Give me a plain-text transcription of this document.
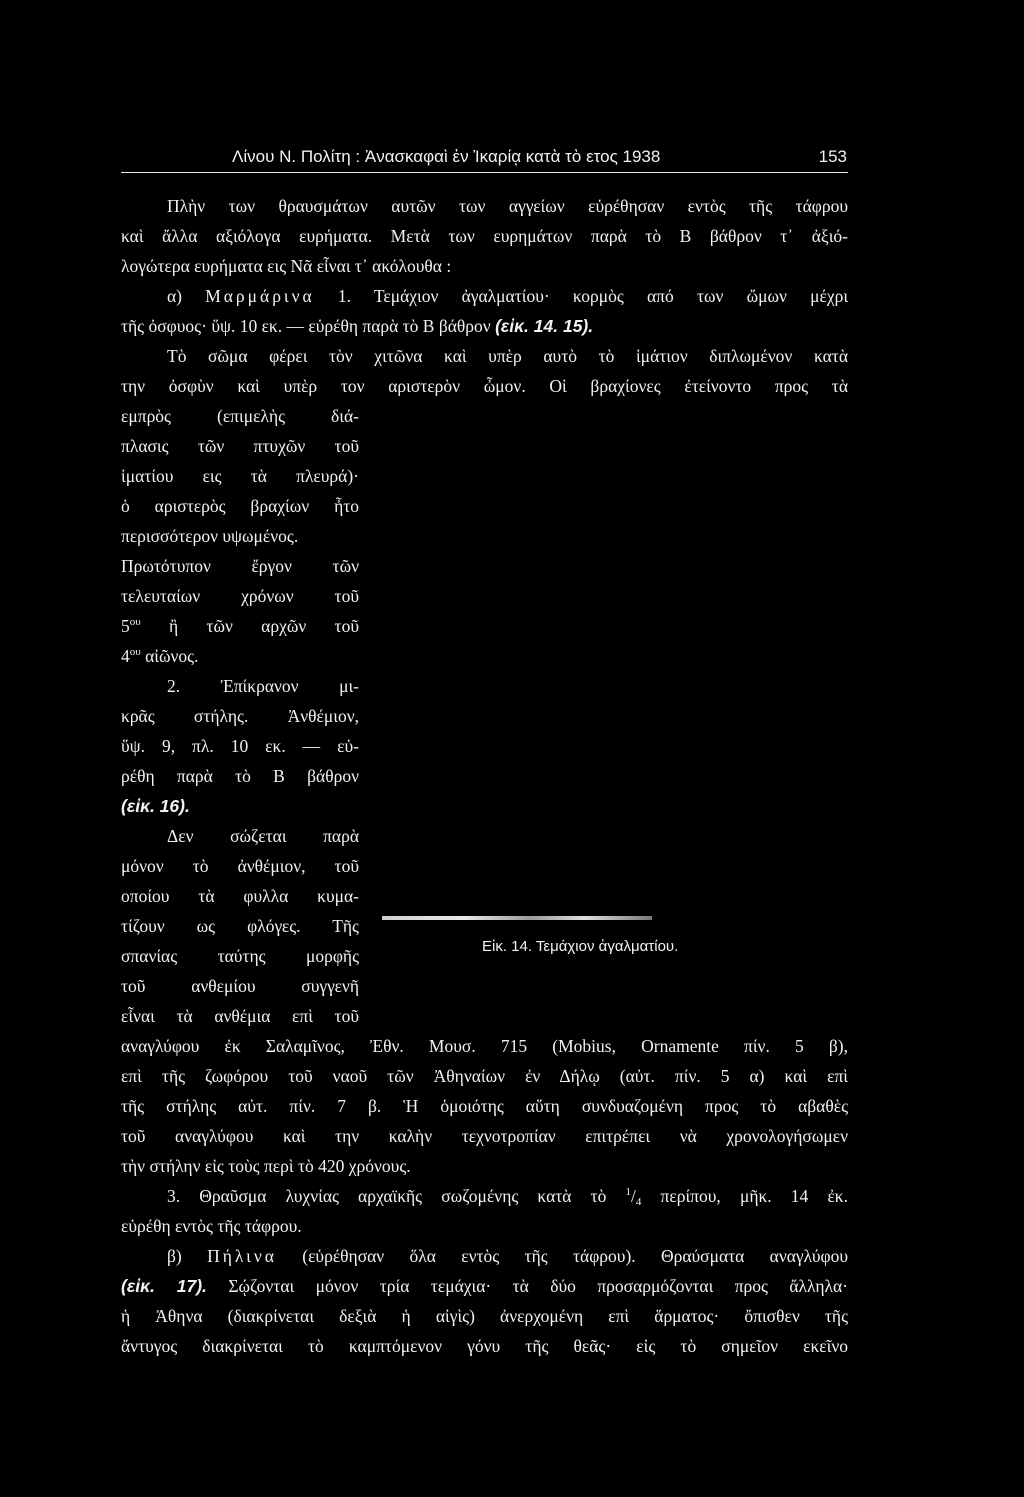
Λίνου Ν. Πολίτη : Ἀνασκαφαὶ ἐν Ἰκαρίᾳ κατὰ τὸ ετος 1938	153
Πλὴν των θραυσμάτων αυτῶν των αγγείων εὑρέθησαν εντὸς τῆς τάφρου
καὶ ἄλλα αξιόλογα ευρήματα. Μετὰ των ευρημάτων παρὰ τὸ Β βάθρον τ᾽ ἀξιό-
λογώτερα ευρήματα εις Νᾶ εἶναι τ᾽ ακόλουθα :
α) Μαρμάρινα 1. Τεμάχιον ἀγαλματίου· κορμὸς από των ὤμων μέχρι
τῆς ὀσφυος· ὕψ. 10 εκ. — εὑρέθη παρὰ τὸ Β βάθρον (εἰκ. 14. 15).
Τὸ σῶμα φέρει τὸν χιτῶνα καὶ υπὲρ αυτὸ τὸ ἱμάτιον διπλωμένον κατὰ
την ὀσφὺν καὶ υπὲρ τον αριστερὸν ὦμον. Οἱ βραχίονες ἐτείνοντο προς τὰ
εμπρὸς (επιμελὴς διά-
πλασις τῶν πτυχῶν τοῦ
ἱματίου εις τὰ πλευρά)·
ὁ αριστερὸς βραχίων ἦτο
περισσότερον υψωμένος.
Πρωτότυπον ἔργον τῶν
τελευταίων χρόνων τοῦ
$5^{o\upsilon}$ ἢ τῶν αρχῶν τοῦ
$4^{o\upsilon}$ αἰῶνος.
2. Ἐπίκρανον μι-
κρᾶς στήλης. Ἀνθέμιον,
ὕψ. 9, πλ. 10 εκ. — εὑ-
ρέθη παρὰ τὸ Β βάθρον
(εἰκ. 16).
Δεν σώζεται παρὰ
μόνον τὸ ἀνθέμιον, τοῦ
οποίου τὰ φυλλα κυμα-
τίζουν ως φλόγες. Τῆς
σπανίας ταύτης μορφῆς
τοῦ ανθεμίου συγγενῆ
εἶναι τὰ ανθέμια επὶ τοῦ
Εἰκ. 14. Τεμάχιον ἀγαλματίου.
αναγλύφου ἐκ Σαλαμῖνος, Ἐθν. Μουσ. 715 (Mobius, Ornamente πίν. 5 β),
επὶ τῆς ζωφόρου τοῦ ναοῦ τῶν Ἀθηναίων ἐν Δήλῳ (αὐτ. πίν. 5 α) καὶ επὶ
τῆς στήλης αὐτ. πίν. 7 β. Ἡ ὁμοιότης αὕτη συνδυαζομένη προς τὸ αβαθὲς
τοῦ αναγλύφου καὶ την καλὴν τεχνοτροπίαν επιτρέπει νὰ χρονολογήσωμεν
τὴν στήλην εἰς τοὺς περὶ τὸ 420 χρόνους.
3. Θραῦσμα λυχνίας αρχαϊκῆς σωζομένης κατὰ τὸ $^1/_4$ περίπου, μῆκ. 14 ἐκ.
εὑρέθη εντὸς τῆς τάφρου.
β) Πήλινα (εὑρέθησαν ὅλα εντὸς τῆς τάφρου). Θραύσματα αναγλύφου
(εἰκ. 17). Σῴζονται μόνον τρία τεμάχια· τὰ δύο προσαρμόζονται προς ἄλληλα·
ἡ Ἀθηνα (διακρίνεται δεξιὰ ἡ αἰγὶς) ἀνερχομένη επὶ ἅρματος· ὄπισθεν τῆς
ἄντυγος διακρίνεται τὸ καμπτόμενον γόνυ τῆς θεᾶς· εἰς τὸ σημεῖον εκεῖνο
